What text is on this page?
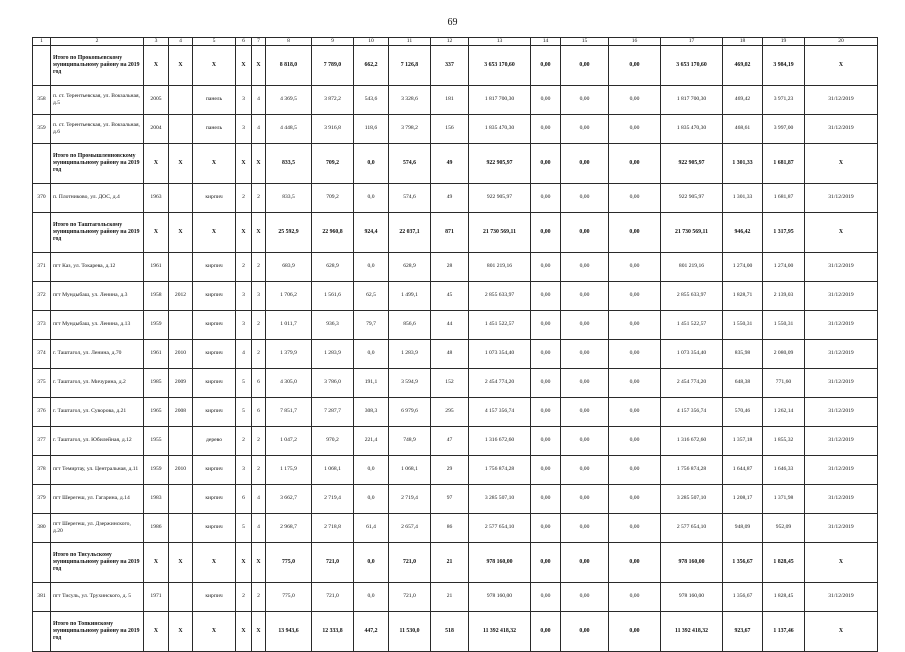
69
1	2	3	4	5	6	7	8	9	10	11	12	13	14	15	16	17	18	19	20
	Итого по Прокопьевскому муниципальному району на 2019 год	X	X	X	X	X	8 818,0	7 789,0	662,2	7 126,8	337	3 653 170,60	0,00	0,00	0,00	3 653 170,60	469,02	3 984,19	X
358	п. ст. Терентьевская, ул. Вокзальная, д.5	2005		панель	3	4	4 369,5	3 872,2	543,6	3 328,6	181	1 817 700,30	0,00	0,00	0,00	1 817 700,30	469,42	3 971,23	31/12/2019
359	п. ст. Терентьевская, ул. Вокзальная, д.6	2004		панель	3	4	4 448,5	3 916,8	118,6	3 798,2	156	1 835 470,30	0,00	0,00	0,00	1 835 470,30	468,61	3 997,00	31/12/2019
	Итого по Промышленновскому муниципальному району на 2019 год	X	X	X	X	X	833,5	709,2	0,0	574,6	49	922 905,97	0,00	0,00	0,00	922 905,97	1 301,33	1 681,87	X
370	п. Плотниково, ул. ДОС, д.4	1963		кирпич	2	2	833,5	709,2	0,0	574,6	49	922 905,97	0,00	0,00	0,00	922 905,97	1 301,33	1 681,87	31/12/2019
	Итого по Таштагольскому муниципальному району на 2019 год	X	X	X	X	X	25 592,9	22 960,8	924,4	22 037,1	871	21 730 569,11	0,00	0,00	0,00	21 730 569,11	946,42	1 317,95	X
371	пгт Каз, ул. Токарева, д.12	1961		кирпич	2	2	683,9	628,9	0,0	628,9	28	801 219,16	0,00	0,00	0,00	801 219,16	1 274,00	1 274,00	31/12/2019
372	пгт Мундыбаш, ул. Ленина, д.3	1958	2012	кирпич	3	3	1 706,2	1 561,6	62,5	1 499,1	45	2 855 633,97	0,00	0,00	0,00	2 855 633,97	1 828,71	2 139,03	31/12/2019
373	пгт Мундыбаш, ул. Ленина, д.13	1959		кирпич	3	2	1 011,7	936,3	79,7	856,6	44	1 451 522,57	0,00	0,00	0,00	1 451 522,57	1 550,31	1 550,31	31/12/2019
374	г. Таштагол, ул. Ленина, д.70	1961	2010	кирпич	4	2	1 379,9	1 283,9	0,0	1 283,9	48	1 073 354,40	0,00	0,00	0,00	1 073 354,40	835,98	2 080,09	31/12/2019
375	г. Таштагол, ул. Мичурина, д.2	1985	2009	кирпич	5	6	4 305,0	3 786,0	191,1	3 594,9	152	2 454 774,20	0,00	0,00	0,00	2 454 774,20	648,38	771,60	31/12/2019
376	г. Таштагол, ул. Суворова, д.21	1965	2008	кирпич	5	6	7 851,7	7 287,7	308,3	6 979,6	295	4 157 356,74	0,00	0,00	0,00	4 157 356,74	570,46	1 262,14	31/12/2019
377	г. Таштагол, ул. Юбилейная, д.12	1955		дерево	2	2	1 047,2	970,2	221,4	748,9	47	1 316 672,60	0,00	0,00	0,00	1 316 672,60	1 357,18	1 855,32	31/12/2019
378	пгт Темиртау, ул. Центральная, д.11	1959	2010	кирпич	3	2	1 175,9	1 068,1	0,0	1 068,1	29	1 756 874,28	0,00	0,00	0,00	1 756 874,28	1 644,87	1 646,33	31/12/2019
379	пгт Шерегеш, ул. Гагарина, д.14	1983		кирпич	6	4	3 662,7	2 719,4	0,0	2 719,4	97	3 285 507,10	0,00	0,00	0,00	3 285 507,10	1 208,17	1 371,98	31/12/2019
380	пгт Шерегеш, ул. Дзержинского, д.20	1986		кирпич	5	4	2 968,7	2 718,8	61,4	2 657,4	86	2 577 654,10	0,00	0,00	0,00	2 577 654,10	948,09	952,09	31/12/2019
	Итого по Тисульскому муниципальному району на 2019 год	X	X	X	X	X	775,0	721,0	0,0	721,0	21	978 160,00	0,00	0,00	0,00	978 160,00	1 356,67	1 828,45	X
381	пгт Тисуль, ул. Трухинского, д. 5	1971		кирпич	2	2	775,0	721,0	0,0	721,0	21	978 160,00	0,00	0,00	0,00	978 160,00	1 356,67	1 828,45	31/12/2019
	Итого по Топкинскому муниципальному району на 2019 год	X	X	X	X	X	13 943,6	12 333,8	447,2	11 530,0	518	11 392 418,32	0,00	0,00	0,00	11 392 418,32	923,67	1 137,46	X
